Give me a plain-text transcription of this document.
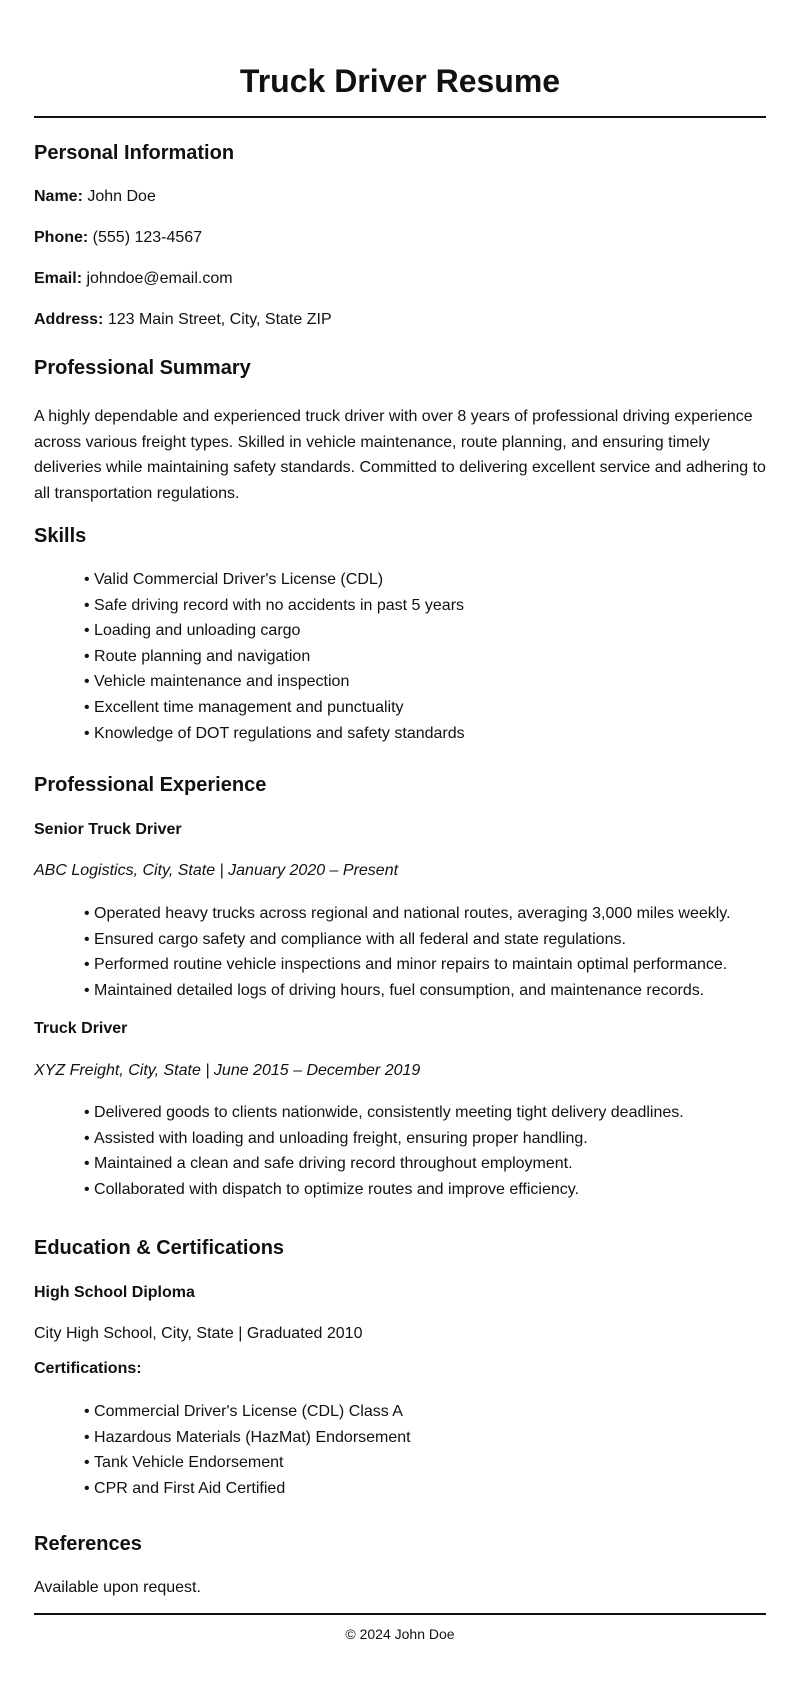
Truck Driver Resume
Personal Information

Name: John Doe

Phone: (555) 123-4567

Email: johndoe@email.com

Address: 123 Main Street, City, State ZIP

Professional Summary

A highly dependable and experienced truck driver with over 8 years of professional driving experience across various freight types. Skilled in vehicle maintenance, route planning, and ensuring timely deliveries while maintaining safety standards. Committed to delivering excellent service and adhering to all transportation regulations.

Skills
• Valid Commercial Driver's License (CDL)
• Safe driving record with no accidents in past 5 years
• Loading and unloading cargo
• Route planning and navigation
• Vehicle maintenance and inspection
• Excellent time management and punctuality
• Knowledge of DOT regulations and safety standards
Professional Experience
Senior Truck Driver

ABC Logistics, City, State | January 2020 – Present

• Operated heavy trucks across regional and national routes, averaging 3,000 miles weekly.
• Ensured cargo safety and compliance with all federal and state regulations.
• Performed routine vehicle inspections and minor repairs to maintain optimal performance.
• Maintained detailed logs of driving hours, fuel consumption, and maintenance records.
Truck Driver

XYZ Freight, City, State | June 2015 – December 2019

• Delivered goods to clients nationwide, consistently meeting tight delivery deadlines.
• Assisted with loading and unloading freight, ensuring proper handling.
• Maintained a clean and safe driving record throughout employment.
• Collaborated with dispatch to optimize routes and improve efficiency.
Education & Certifications
High School Diploma

City High School, City, State | Graduated 2010

Certifications:
• Commercial Driver's License (CDL) Class A
• Hazardous Materials (HazMat) Endorsement
• Tank Vehicle Endorsement
• CPR and First Aid Certified
References

Available upon request.

© 2024 John Doe
